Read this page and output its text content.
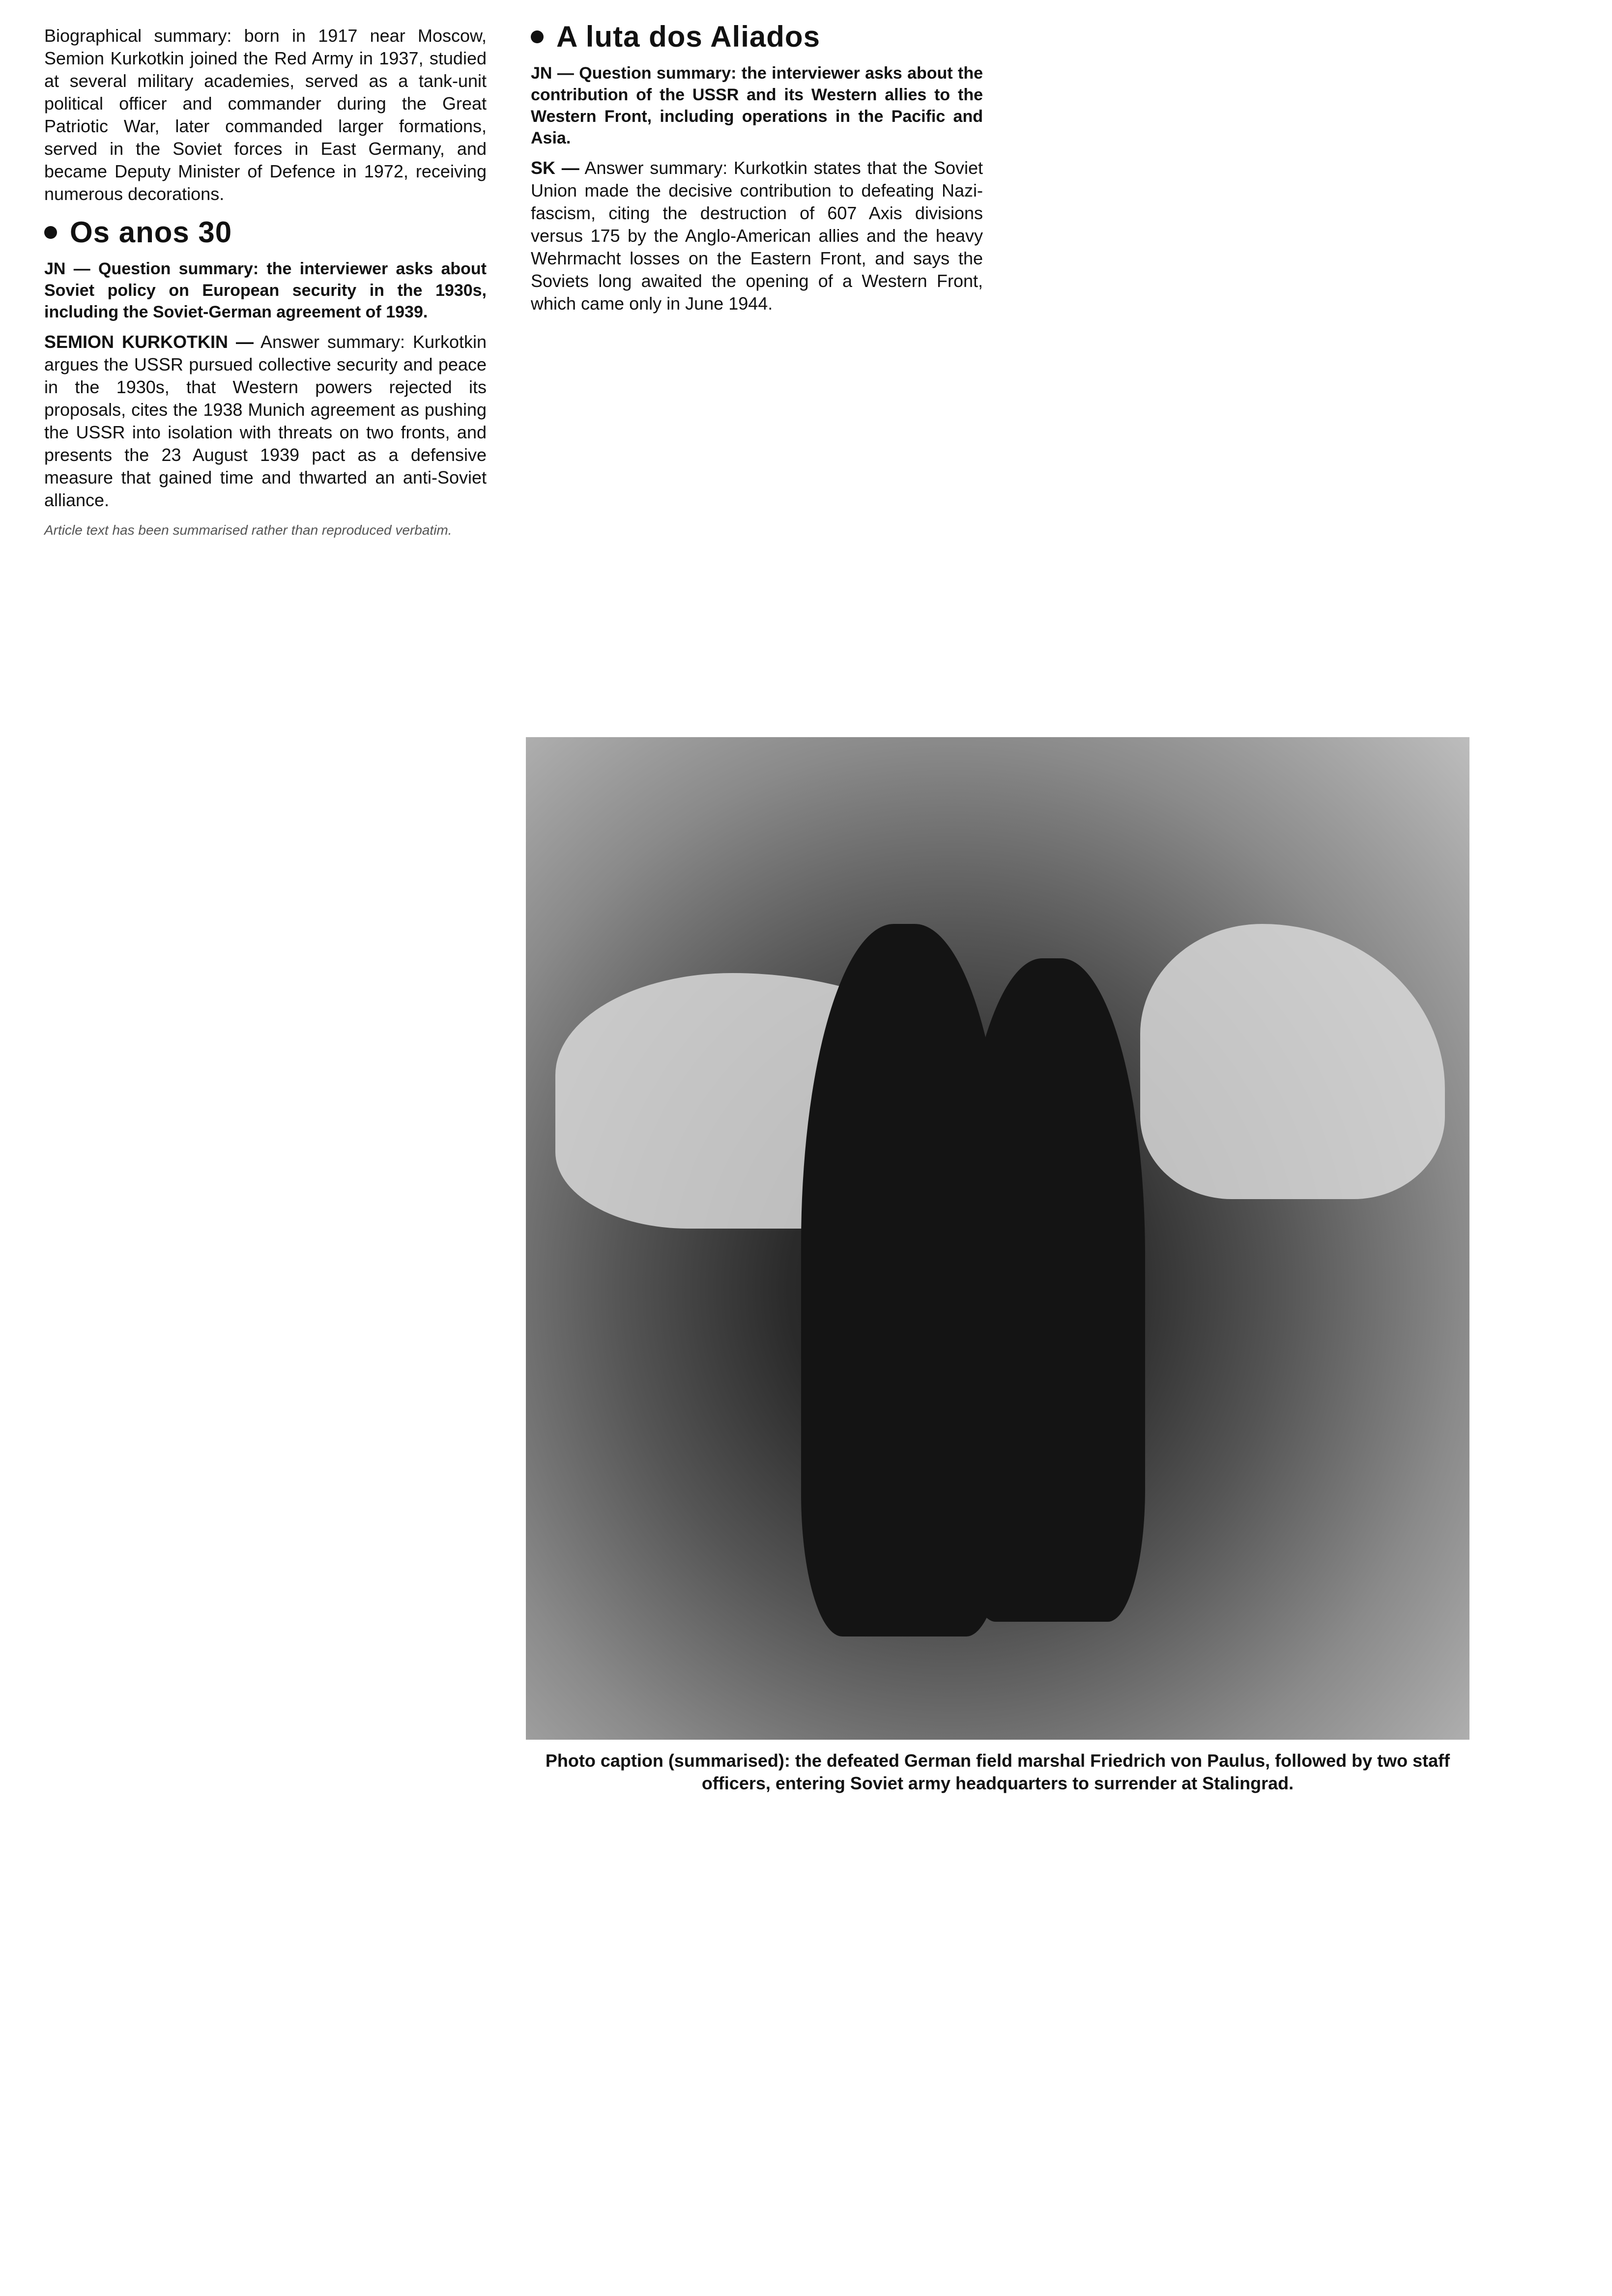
Biographical summary: born in 1917 near Moscow, Semion Kurkotkin joined the Red Army in 1937, studied at several military academies, served as a tank-unit political officer and commander during the Great Patriotic War, later commanded larger formations, served in the Soviet forces in East Germany, and became Deputy Minister of Defence in 1972, receiving numerous decorations.

Os anos 30

JN — Question summary: the interviewer asks about Soviet policy on European security in the 1930s, including the Soviet-German agreement of 1939.

SEMION KURKOTKIN — Answer summary: Kurkotkin argues the USSR pursued collective security and peace in the 1930s, that Western powers rejected its proposals, cites the 1938 Munich agreement as pushing the USSR into isolation with threats on two fronts, and presents the 23 August 1939 pact as a defensive measure that gained time and thwarted an anti-Soviet alliance.

Article text has been summarised rather than reproduced verbatim.

A luta dos Aliados

JN — Question summary: the interviewer asks about the contribution of the USSR and its Western allies to the Western Front, including operations in the Pacific and Asia.

SK — Answer summary: Kurkotkin states that the Soviet Union made the decisive contribution to defeating Nazi-fascism, citing the destruction of 607 Axis divisions versus 175 by the Anglo-American allies and the heavy Wehrmacht losses on the Eastern Front, and says the Soviets long awaited the opening of a Western Front, which came only in June 1944.

Photo caption (summarised): the defeated German field marshal Friedrich von Paulus, followed by two staff officers, entering Soviet army headquarters to surrender at Stalingrad.
